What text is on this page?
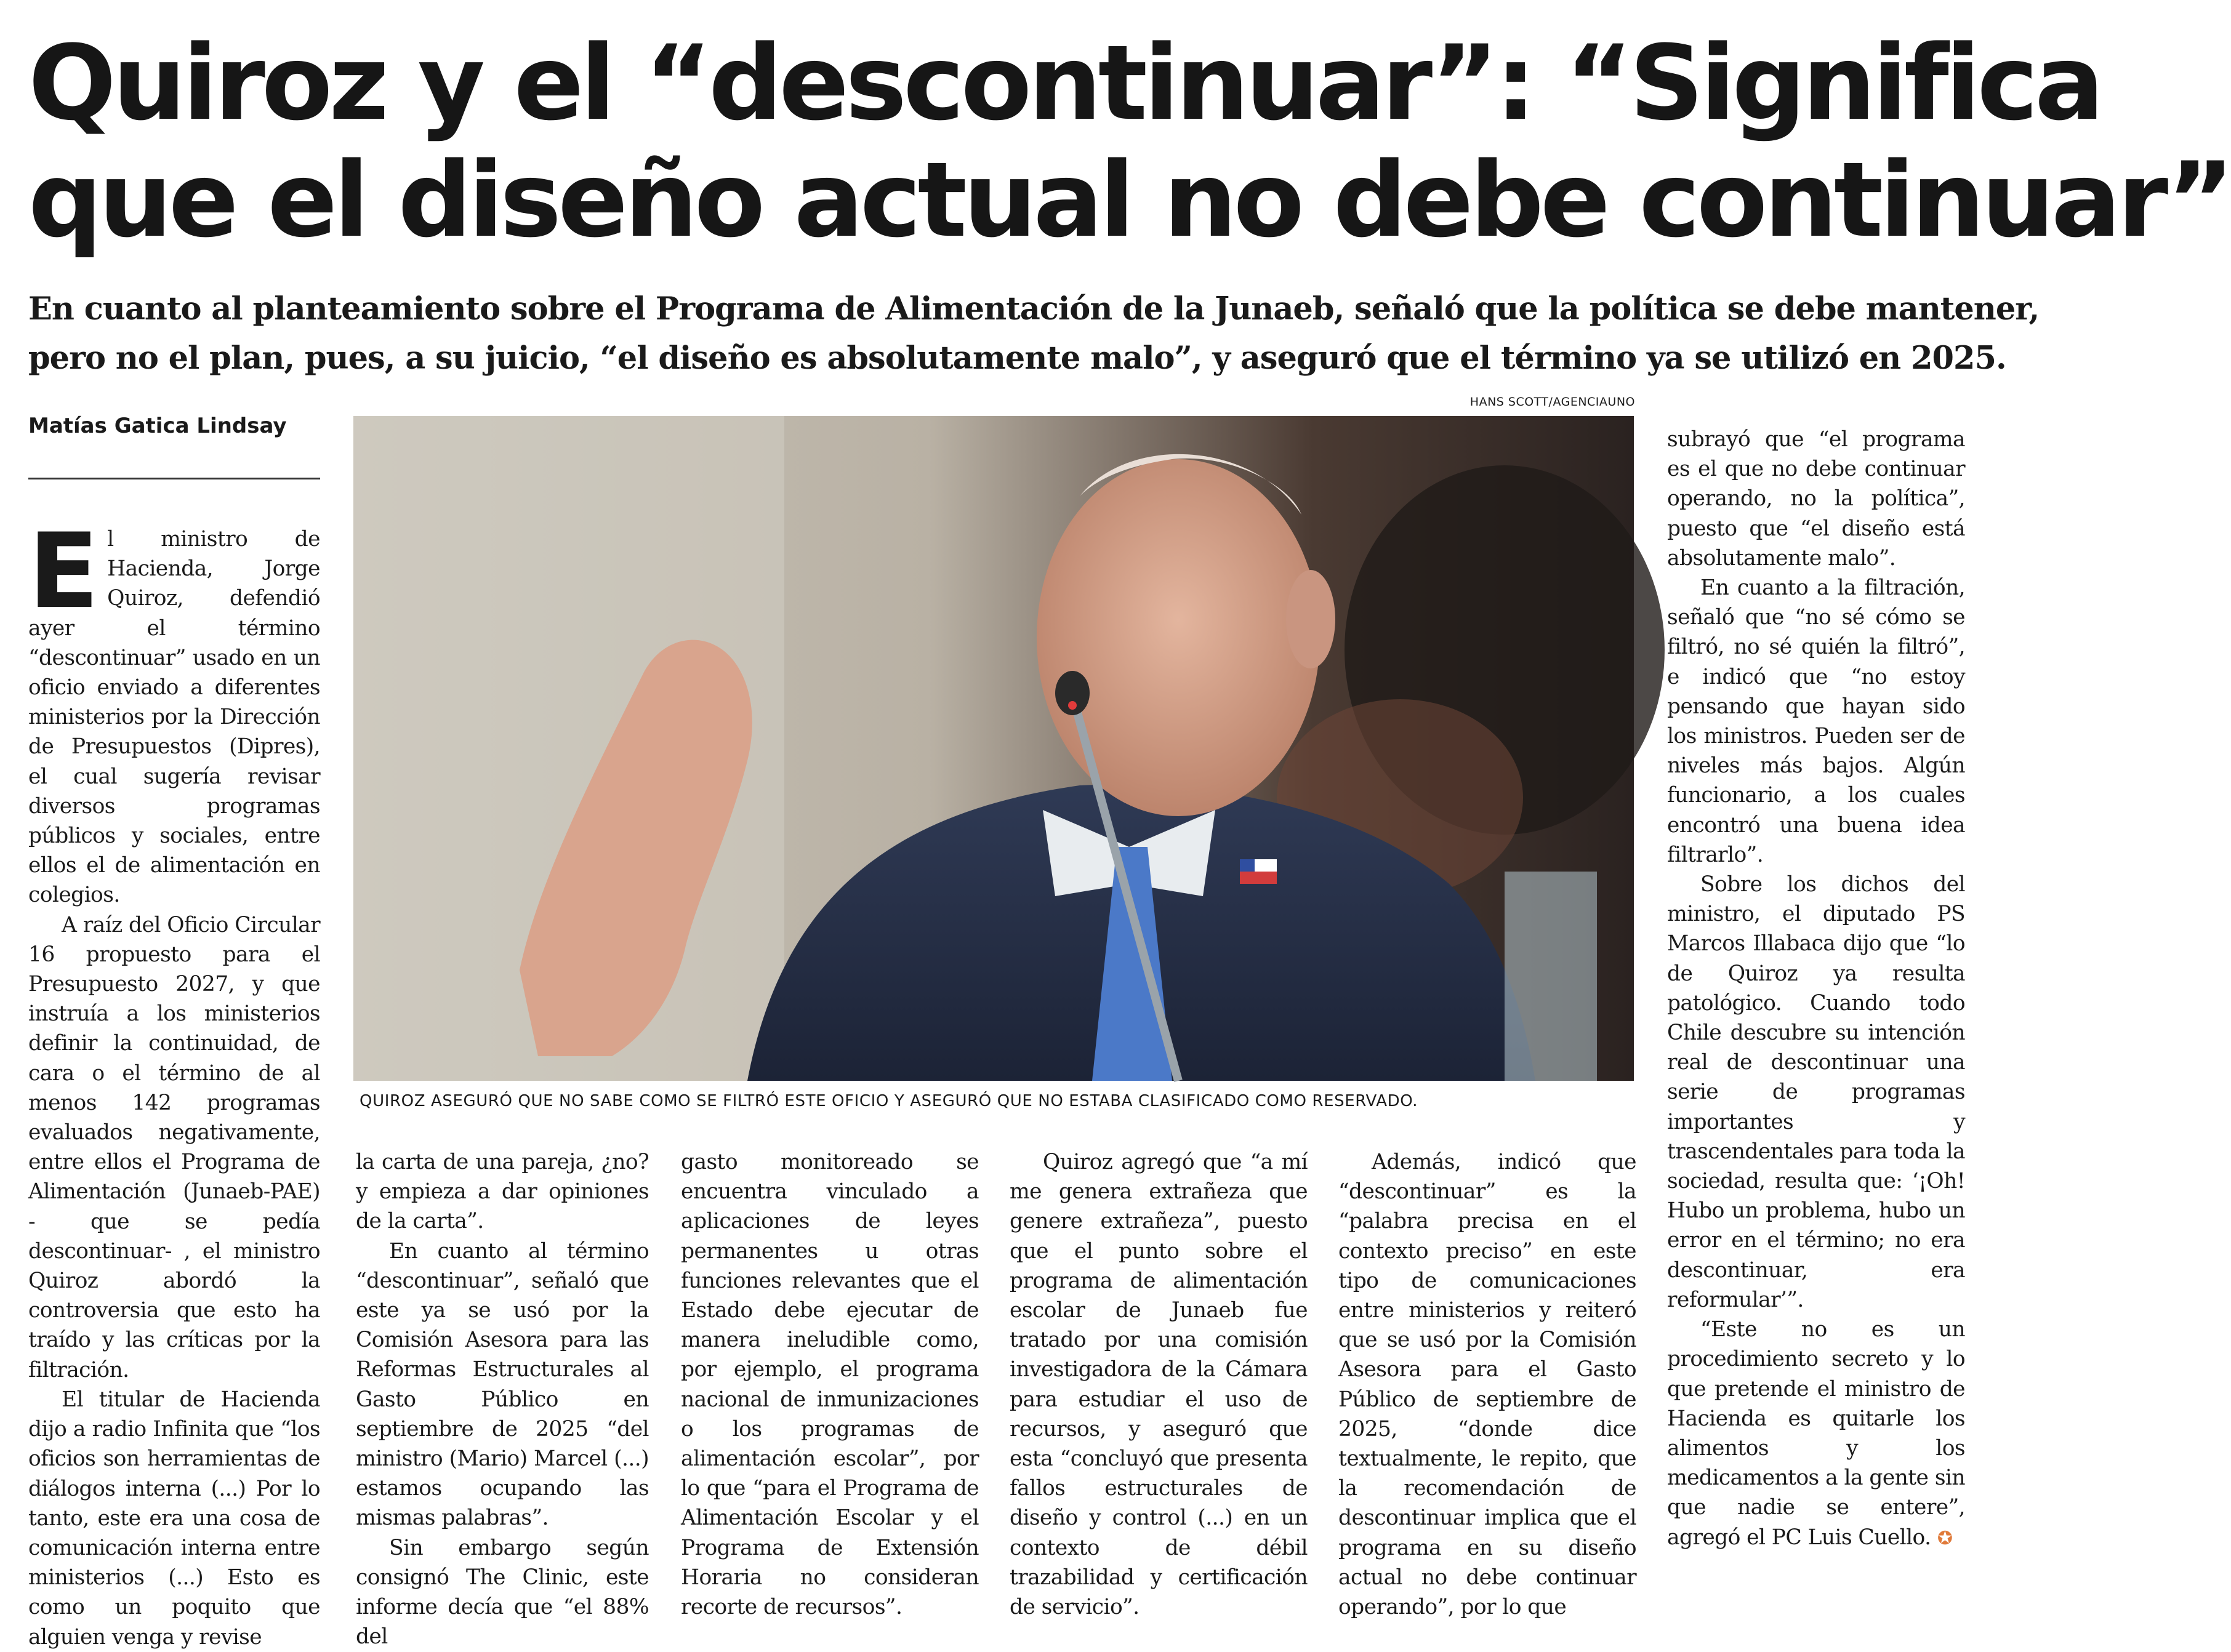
Quiroz y el “descontinuar”: “Significa
que el diseño actual no debe continuar”
En cuanto al planteamiento sobre el Programa de Alimentación de la Junaeb, señaló que la política se debe mantener,
pero no el plan, pues, a su juicio, “el diseño es absolutamente malo”, y aseguró que el término ya se utilizó en 2025.
Matías Gatica Lindsay
HANS SCOTT/AGENCIAUNO
QUIROZ ASEGURÓ QUE NO SABE COMO SE FILTRÓ ESTE OFICIO Y ASEGURÓ QUE NO ESTABA CLASIFICADO COMO RESERVADO.

El ministro de Hacienda, Jorge Quiroz, defendió ayer el término “descontinuar” usado en un oficio enviado a diferentes ministerios por la Dirección de Presupuestos (Dipres), el cual sugería revisar diversos programas públicos y sociales, entre ellos el de alimentación en colegios.

A raíz del Oficio Circular 16 propuesto para el Presupuesto 2027, y que instruía a los ministerios definir la continuidad, de cara o el término de al menos 142 programas evaluados negativamente, entre ellos el Programa de Alimentación (Junaeb-PAE) - que se pedía descontinuar- , el ministro Quiroz abordó la controversia que esto ha traído y las críticas por la filtración.

El titular de Hacienda dijo a radio Infinita que “los oficios son herramientas de diálogos interna (...) Por lo tanto, este era una cosa de comunicación interna entre ministerios (...) Esto es como un poquito que alguien venga y revise

la carta de una pareja, ¿no? y empieza a dar opiniones de la carta”.

En cuanto al término “descontinuar”, señaló que este ya se usó por la Comisión Asesora para las Reformas Estructurales al Gasto Público en septiembre de 2025 “del ministro (Mario) Marcel (...) estamos ocupando las mismas palabras”.

Sin embargo según consignó The Clinic, este informe decía que “el 88% del

gasto monitoreado se encuentra vinculado a aplicaciones de leyes permanentes u otras funciones relevantes que el Estado debe ejecutar de manera ineludible como, por ejemplo, el programa nacional de inmunizaciones o los programas de alimentación escolar”, por lo que “para el Programa de Alimentación Escolar y el Programa de Extensión Horaria no consideran recorte de recursos”.

Quiroz agregó que “a mí me genera extrañeza que genere extrañeza”, puesto que el punto sobre el programa de alimentación escolar de Junaeb fue tratado por una comisión investigadora de la Cámara para estudiar el uso de recursos, y aseguró que esta “concluyó que presenta fallos estructurales de diseño y control (...) en un contexto de débil trazabilidad y certificación de servicio”.

Además, indicó que “descontinuar” es la “palabra precisa en el contexto preciso” en este tipo de comunicaciones entre ministerios y reiteró que se usó por la Comisión Asesora para el Gasto Público de septiembre de 2025, “donde dice textualmente, le repito, que la recomendación de descontinuar implica que el programa en su diseño actual no debe continuar operando”, por lo que

subrayó que “el programa es el que no debe continuar operando, no la política”, puesto que “el diseño está absolutamente malo”.

En cuanto a la filtración, señaló que “no sé cómo se filtró, no sé quién la filtró”, e indicó que “no estoy pensando que hayan sido los ministros. Pueden ser de niveles más bajos. Algún funcionario, a los cuales encontró una buena idea filtrarlo”.

Sobre los dichos del ministro, el diputado PS Marcos Illabaca dijo que “lo de Quiroz ya resulta patológico. Cuando todo Chile descubre su intención real de descontinuar una serie de programas importantes y trascendentales para toda la sociedad, resulta que: ‘¡Oh! Hubo un problema, hubo un error en el término; no era descontinuar, era reformular’”.

“Este no es un procedimiento secreto y lo que pretende el ministro de Hacienda es quitarle los alimentos y los medicamentos a la gente sin que nadie se entere”, agregó el PC Luis Cuello. ✪
